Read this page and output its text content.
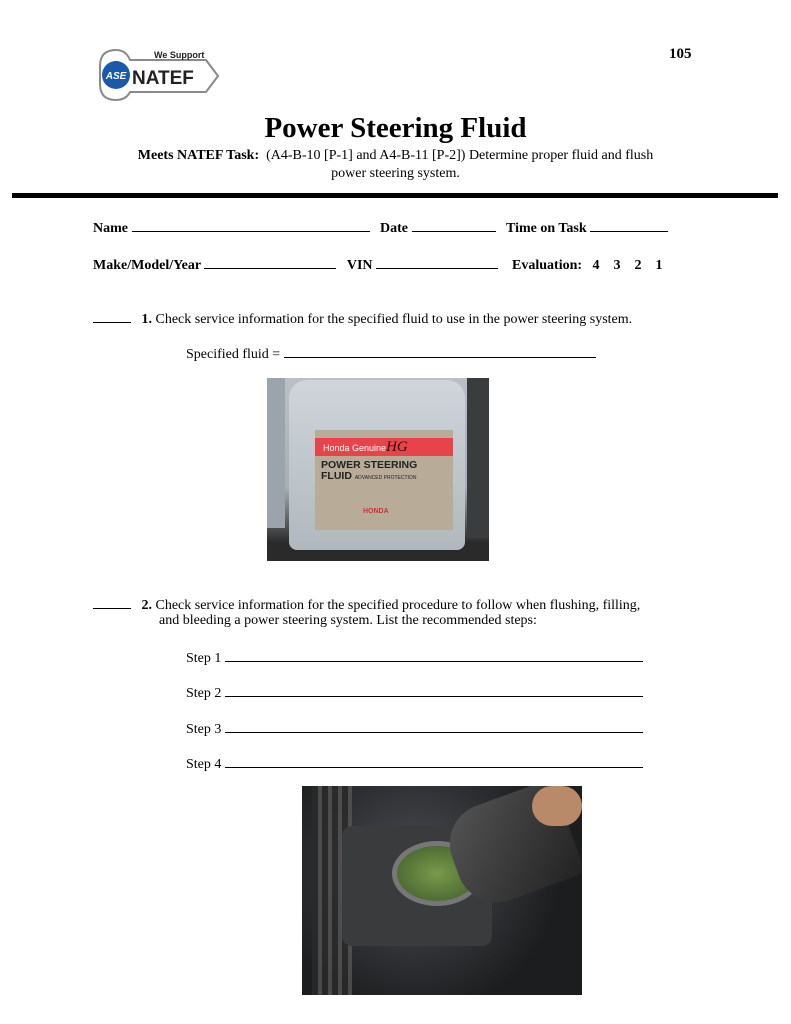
ASE
We Support
NATEF
105
Power Steering Fluid
Meets NATEF Task: (A4-B-10 [P-1] and A4-B-11 [P-2]) Determine proper fluid and flush
power steering system.
Name	Date	Time on Task
Make/Model/Year	VIN	Evaluation: 4 3 2 1
1. Check service information for the specified fluid to use in the power steering system.
Specified fluid =
Honda GenuineHG
POWER STEERING
FLUID ADVANCED PROTECTION
HONDA
2. Check service information for the specified procedure to follow when flushing, filling,
and bleeding a power steering system. List the recommended steps:
Step 1
Step 2
Step 3
Step 4
